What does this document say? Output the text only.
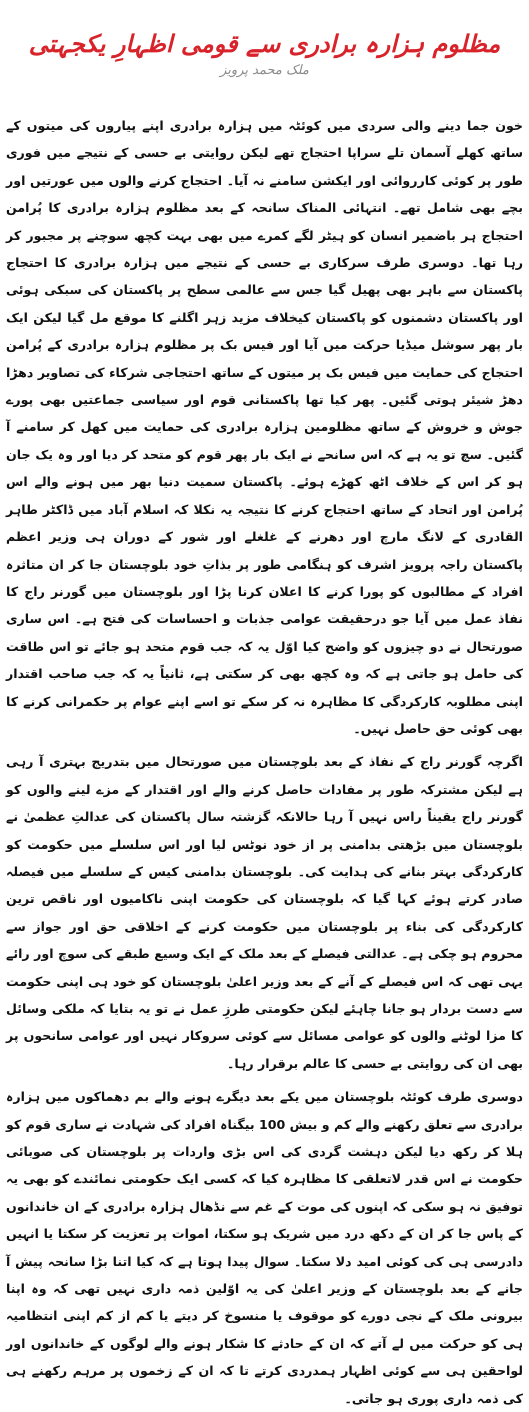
مظلوم ہزارہ برادری سے قومی اظہارِ یکجہتی
ملک محمد پرویز

خون جما دینے والی سردی میں کوئٹہ میں ہزارہ برادری اپنے پیاروں کی میتوں کے ساتھ کھلے آسمان تلے سراپا احتجاج تھے لیکن روایتی بے حسی کے نتیجے میں فوری طور پر کوئی کارروائی اور ایکشن سامنے نہ آیا۔ احتجاج کرنے والوں میں عورتیں اور بچے بھی شامل تھے۔ انتہائی المناک سانحہ کے بعد مظلوم ہزارہ برادری کا پُرامن احتجاج ہر باضمیر انسان کو ہیٹر لگے کمرے میں بھی بہت کچھ سوچنے پر مجبور کر رہا تھا۔ دوسری طرف سرکاری بے حسی کے نتیجے میں ہزارہ برادری کا احتجاج پاکستان سے باہر بھی پھیل گیا جس سے عالمی سطح پر پاکستان کی سبکی ہوئی اور پاکستان دشمنوں کو پاکستان کیخلاف مزید زہر اگلنے کا موقع مل گیا لیکن ایک بار پھر سوشل میڈیا حرکت میں آیا اور فیس بک پر مظلوم ہزارہ برادری کے پُرامن احتجاج کی حمایت میں فیس بک پر میتوں کے ساتھ احتجاجی شرکاء کی تصاویر دھڑا دھڑ شیئر ہوتی گئیں۔ پھر کیا تھا پاکستانی قوم اور سیاسی جماعتیں بھی پورے جوش و خروش کے ساتھ مظلومین ہزارہ برادری کی حمایت میں کھل کر سامنے آ گئیں۔ سچ تو یہ ہے کہ اس سانحے نے ایک بار پھر قوم کو متحد کر دیا اور وہ یک جان ہو کر اس کے خلاف اٹھ کھڑے ہوئے۔ پاکستان سمیت دنیا بھر میں ہونے والے اس پُرامن اور اتحاد کے ساتھ احتجاج کرنے کا نتیجہ یہ نکلا کہ اسلام آباد میں ڈاکٹر طاہر القادری کے لانگ مارچ اور دھرنے کے غلغلے اور شور کے دوران ہی وزیر اعظم پاکستان راجہ پرویز اشرف کو ہنگامی طور پر بذاتِ خود بلوچستان جا کر ان متاثرہ افراد کے مطالبوں کو پورا کرنے کا اعلان کرنا پڑا اور بلوچستان میں گورنر راج کا نفاذ عمل میں آیا جو درحقیقت عوامی جذبات و احساسات کی فتح ہے۔ اس ساری صورتحال نے دو چیزوں کو واضح کیا اوّل یہ کہ جب قوم متحد ہو جائے تو اس طاقت کی حامل ہو جاتی ہے کہ وہ کچھ بھی کر سکتی ہے، ثانیاً یہ کہ جب صاحب اقتدار اپنی مطلوبہ کارکردگی کا مظاہرہ نہ کر سکے تو اسے اپنے عوام پر حکمرانی کرنے کا بھی کوئی حق حاصل نہیں۔

اگرچہ گورنر راج کے نفاذ کے بعد بلوچستان میں صورتحال میں بتدریج بہتری آ رہی ہے لیکن مشترکہ طور پر مفادات حاصل کرنے والے اور اقتدار کے مزے لینے والوں کو گورنر راج یقیناً راس نہیں آ رہا حالانکہ گزشتہ سال پاکستان کی عدالتِ عظمیٰ نے بلوچستان میں بڑھتی بدامنی پر از خود نوٹس لیا اور اس سلسلے میں حکومت کو کارکردگی بہتر بنانے کی ہدایت کی۔ بلوچستان بدامنی کیس کے سلسلے میں فیصلہ صادر کرتے ہوئے کہا گیا کہ بلوچستان کی حکومت اپنی ناکامیوں اور ناقص ترین کارکردگی کی بناء پر بلوچستان میں حکومت کرنے کے اخلاقی حق اور جواز سے محروم ہو چکی ہے۔ عدالتی فیصلے کے بعد ملک کے ایک وسیع طبقے کی سوچ اور رائے یہی تھی کہ اس فیصلے کے آنے کے بعد وزیر اعلیٰ بلوچستان کو خود ہی اپنی حکومت سے دست بردار ہو جانا چاہئے لیکن حکومتی طرزِ عمل نے تو یہ بتایا کہ ملکی وسائل کا مزا لوٹنے والوں کو عوامی مسائل سے کوئی سروکار نہیں اور عوامی سانحوں پر بھی ان کی روایتی بے حسی کا عالم برقرار رہا۔

دوسری طرف کوئٹہ بلوچستان میں یکے بعد دیگرے ہونے والے بم دھماکوں میں ہزارہ برادری سے تعلق رکھنے والے کم و بیش 100 بیگناہ افراد کی شہادت نے ساری قوم کو ہلا کر رکھ دیا لیکن دہشت گردی کی اس بڑی واردات پر بلوچستان کی صوبائی حکومت نے اس قدر لاتعلقی کا مظاہرہ کیا کہ کسی ایک حکومتی نمائندے کو بھی یہ توفیق نہ ہو سکی کہ اپنوں کی موت کے غم سے نڈھال ہزارہ برادری کے ان خاندانوں کے پاس جا کر ان کے دکھ درد میں شریک ہو سکتا، اموات پر تعزیت کر سکتا یا انہیں دادرسی ہی کی کوئی امید دلا سکتا۔ سوال پیدا ہوتا ہے کہ کیا اتنا بڑا سانحہ پیش آ جانے کے بعد بلوچستان کے وزیر اعلیٰ کی یہ اوّلین ذمہ داری نہیں تھی کہ وہ اپنا بیرونی ملک کے نجی دورے کو موقوف یا منسوخ کر دیتے یا کم از کم اپنی انتظامیہ ہی کو حرکت میں لے آتے کہ ان کے حادثے کا شکار ہونے والے لوگوں کے خاندانوں اور لواحقین ہی سے کوئی اظہار ہمدردی کرتے تا کہ ان کے زخموں پر مرہم رکھنے ہی کی ذمہ داری پوری ہو جاتی۔
